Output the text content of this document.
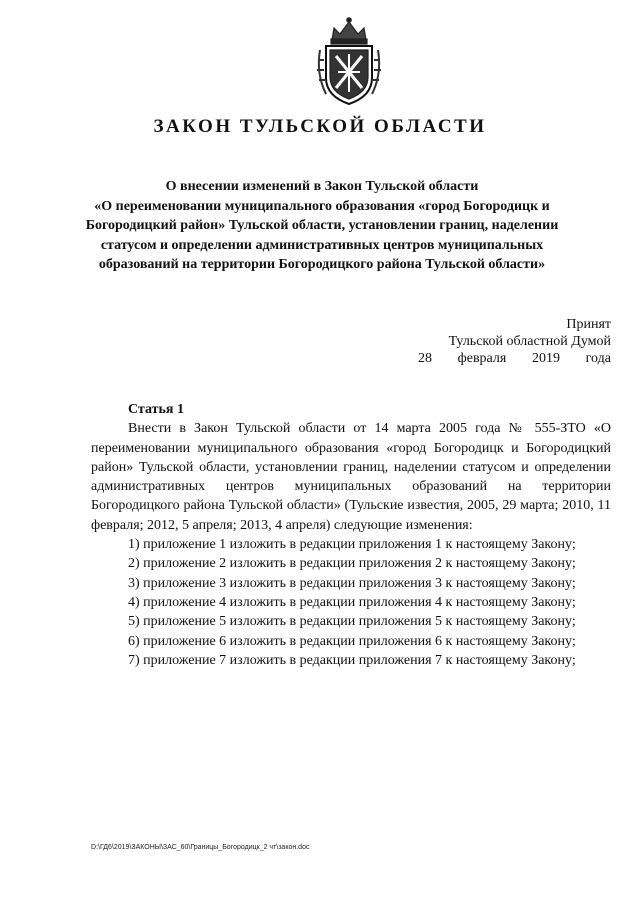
ЗАКОН ТУЛЬСКОЙ ОБЛАСТИ
О внесении изменений в Закон Тульской области
«О переименовании муниципального образования «город Богородицк и
Богородицкий район» Тульской области, установлении границ, наделении
статусом и определении административных центров муниципальных
образований на территории Богородицкого района Тульской области»
Принят
Тульской областной Думой
28 февраля 2019 года
Статья 1

Внести в Закон Тульской области от 14 марта 2005 года № 555-ЗТО «О переименовании муниципального образования «город Богородицк и Богородицкий район» Тульской области, установлении границ, наделении статусом и определении административных центров муниципальных образований на территории Богородицкого района Тульской области» (Тульские известия, 2005, 29 марта; 2010, 11 февраля; 2012, 5 апреля; 2013, 4 апреля) следующие изменения:

1) приложение 1 изложить в редакции приложения 1 к настоящему Закону;

2) приложение 2 изложить в редакции приложения 2 к настоящему Закону;

3) приложение 3 изложить в редакции приложения 3 к настоящему Закону;

4) приложение 4 изложить в редакции приложения 4 к настоящему Закону;

5) приложение 5 изложить в редакции приложения 5 к настоящему Закону;

6) приложение 6 изложить в редакции приложения 6 к настоящему Закону;

7) приложение 7 изложить в редакции приложения 7 к настоящему Закону;

D:\ГД6\2019\ЗАКОНЫ\ЗАС_60\Границы_Богородицк_2 чт\закон.doc
